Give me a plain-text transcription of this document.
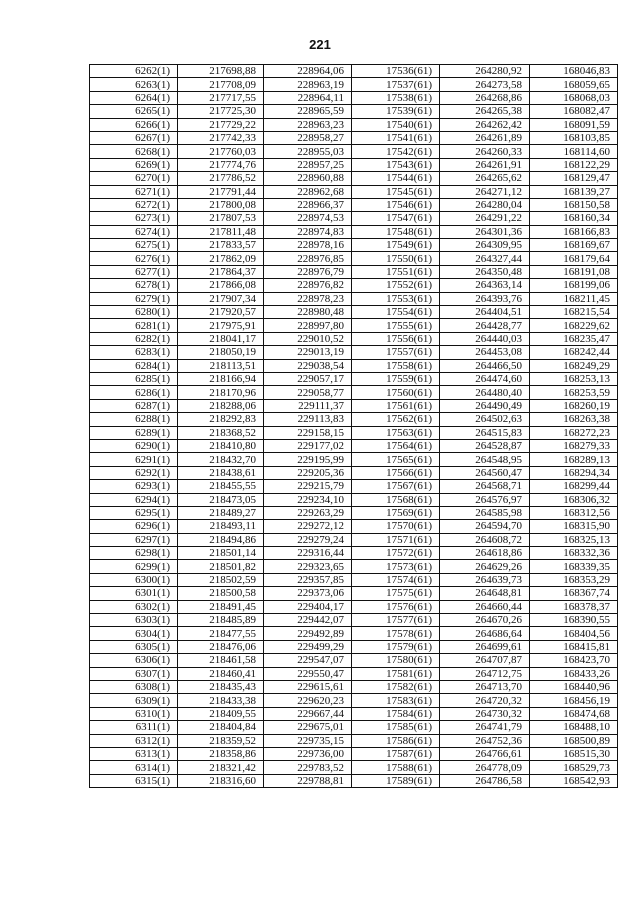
221
6262(1)	217698,88	228964,06	17536(61)	264280,92	168046,83
6263(1)	217708,09	228963,19	17537(61)	264273,58	168059,65
6264(1)	217717,55	228964,11	17538(61)	264268,86	168068,03
6265(1)	217725,30	228965,59	17539(61)	264265,38	168082,47
6266(1)	217729,22	228963,23	17540(61)	264262,42	168091,59
6267(1)	217742,33	228958,27	17541(61)	264261,89	168103,85
6268(1)	217760,03	228955,03	17542(61)	264260,33	168114,60
6269(1)	217774,76	228957,25	17543(61)	264261,91	168122,29
6270(1)	217786,52	228960,88	17544(61)	264265,62	168129,47
6271(1)	217791,44	228962,68	17545(61)	264271,12	168139,27
6272(1)	217800,08	228966,37	17546(61)	264280,04	168150,58
6273(1)	217807,53	228974,53	17547(61)	264291,22	168160,34
6274(1)	217811,48	228974,83	17548(61)	264301,36	168166,83
6275(1)	217833,57	228978,16	17549(61)	264309,95	168169,67
6276(1)	217862,09	228976,85	17550(61)	264327,44	168179,64
6277(1)	217864,37	228976,79	17551(61)	264350,48	168191,08
6278(1)	217866,08	228976,82	17552(61)	264363,14	168199,06
6279(1)	217907,34	228978,23	17553(61)	264393,76	168211,45
6280(1)	217920,57	228980,48	17554(61)	264404,51	168215,54
6281(1)	217975,91	228997,80	17555(61)	264428,77	168229,62
6282(1)	218041,17	229010,52	17556(61)	264440,03	168235,47
6283(1)	218050,19	229013,19	17557(61)	264453,08	168242,44
6284(1)	218113,51	229038,54	17558(61)	264466,50	168249,29
6285(1)	218166,94	229057,17	17559(61)	264474,60	168253,13
6286(1)	218170,96	229058,77	17560(61)	264480,40	168253,59
6287(1)	218288,06	229111,37	17561(61)	264490,49	168260,19
6288(1)	218292,83	229113,83	17562(61)	264502,63	168263,38
6289(1)	218368,52	229158,15	17563(61)	264515,83	168272,23
6290(1)	218410,80	229177,02	17564(61)	264528,87	168279,33
6291(1)	218432,70	229195,99	17565(61)	264548,95	168289,13
6292(1)	218438,61	229205,36	17566(61)	264560,47	168294,34
6293(1)	218455,55	229215,79	17567(61)	264568,71	168299,44
6294(1)	218473,05	229234,10	17568(61)	264576,97	168306,32
6295(1)	218489,27	229263,29	17569(61)	264585,98	168312,56
6296(1)	218493,11	229272,12	17570(61)	264594,70	168315,90
6297(1)	218494,86	229279,24	17571(61)	264608,72	168325,13
6298(1)	218501,14	229316,44	17572(61)	264618,86	168332,36
6299(1)	218501,82	229323,65	17573(61)	264629,26	168339,35
6300(1)	218502,59	229357,85	17574(61)	264639,73	168353,29
6301(1)	218500,58	229373,06	17575(61)	264648,81	168367,74
6302(1)	218491,45	229404,17	17576(61)	264660,44	168378,37
6303(1)	218485,89	229442,07	17577(61)	264670,26	168390,55
6304(1)	218477,55	229492,89	17578(61)	264686,64	168404,56
6305(1)	218476,06	229499,29	17579(61)	264699,61	168415,81
6306(1)	218461,58	229547,07	17580(61)	264707,87	168423,70
6307(1)	218460,41	229550,47	17581(61)	264712,75	168433,26
6308(1)	218435,43	229615,61	17582(61)	264713,70	168440,96
6309(1)	218433,38	229620,23	17583(61)	264720,32	168456,19
6310(1)	218409,55	229667,44	17584(61)	264730,32	168474,68
6311(1)	218404,84	229675,01	17585(61)	264741,79	168488,10
6312(1)	218359,52	229735,15	17586(61)	264752,36	168500,89
6313(1)	218358,86	229736,00	17587(61)	264766,61	168515,30
6314(1)	218321,42	229783,52	17588(61)	264778,09	168529,73
6315(1)	218316,60	229788,81	17589(61)	264786,58	168542,93
